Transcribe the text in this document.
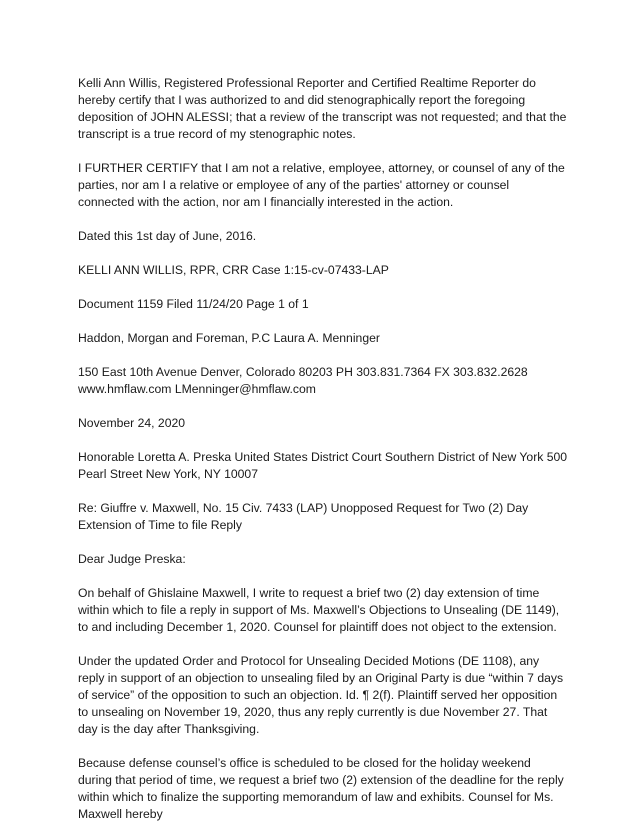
Kelli Ann Willis, Registered Professional Reporter and Certified Realtime Reporter do hereby certify that I was authorized to and did stenographically report the foregoing deposition of JOHN ALESSI; that a review of the transcript was not requested; and that the transcript is a true record of my stenographic notes.

I FURTHER CERTIFY that I am not a relative, employee, attorney, or counsel of any of the parties, nor am I a relative or employee of any of the parties' attorney or counsel connected with the action, nor am I financially interested in the action.

Dated this 1st day of June, 2016.

KELLI ANN WILLIS, RPR, CRR Case 1:15-cv-07433-LAP

Document 1159 Filed 11/24/20 Page 1 of 1

Haddon, Morgan and Foreman, P.C Laura A. Menninger

150 East 10th Avenue Denver, Colorado 80203 PH 303.831.7364 FX 303.832.2628 www.hmflaw.com LMenninger@hmflaw.com

November 24, 2020

Honorable Loretta A. Preska United States District Court Southern District of New York 500 Pearl Street New York, NY 10007

Re: Giuffre v. Maxwell, No. 15 Civ. 7433 (LAP) Unopposed Request for Two (2) Day Extension of Time to file Reply

Dear Judge Preska:

On behalf of Ghislaine Maxwell, I write to request a brief two (2) day extension of time within which to file a reply in support of Ms. Maxwell’s Objections to Unsealing (DE 1149), to and including December 1, 2020. Counsel for plaintiff does not object to the extension.

Under the updated Order and Protocol for Unsealing Decided Motions (DE 1108), any reply in support of an objection to unsealing filed by an Original Party is due “within 7 days of service” of the opposition to such an objection. Id. ¶ 2(f). Plaintiff served her opposition to unsealing on November 19, 2020, thus any reply currently is due November 27. That day is the day after Thanksgiving.

Because defense counsel’s office is scheduled to be closed for the holiday weekend during that period of time, we request a brief two (2) extension of the deadline for the reply within which to finalize the supporting memorandum of law and exhibits. Counsel for Ms. Maxwell hereby
